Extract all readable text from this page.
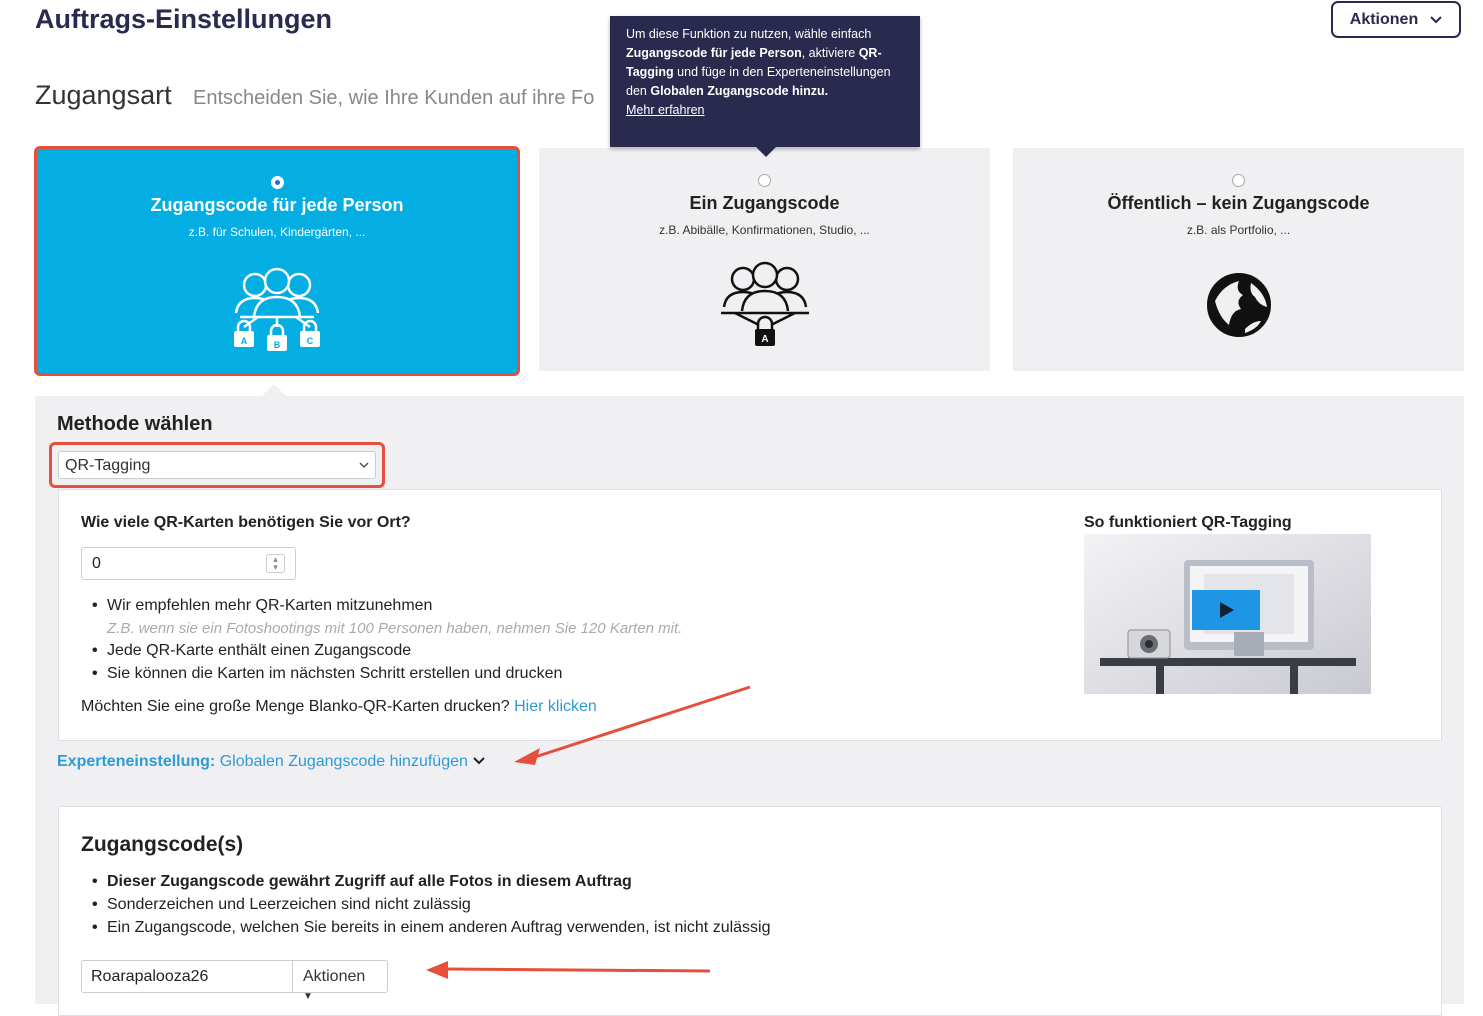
Auftrags-Einstellungen	Aktionen
Zugangsart Entscheiden Sie, wie Ihre Kunden auf ihre Fo
Zugangscode für jede Person
z.B. für Schulen, Kindergärten, ...
A	B	C
Ein Zugangscode
z.B. Abibälle, Konfirmationen, Studio, ...
A
Öffentlich – kein Zugangscode
z.B. als Portfolio, ...
Um diese Funktion zu nutzen, wähle einfach Zugangscode für jede Person, aktiviere QR-Tagging und füge in den Experteneinstellungen den Globalen Zugangscode hinzu.
Mehr erfahren
Methode wählen
QR-Tagging
Wie viele QR-Karten benötigen Sie vor Ort?
0	▴
▾
• Wir empfehlen mehr QR-Karten mitzunehmen
Z.B. wenn sie ein Fotoshootings mit 100 Personen haben, nehmen Sie 120 Karten mit.
• Jede QR-Karte enthält einen Zugangscode
• Sie können die Karten im nächsten Schritt erstellen und drucken
Möchten Sie eine große Menge Blanko-QR-Karten drucken? Hier klicken
So funktioniert QR-Tagging
Experteneinstellung: Globalen Zugangscode hinzufügen
Zugangscode(s)
• Dieser Zugangscode gewährt Zugriff auf alle Fotos in diesem Auftrag
• Sonderzeichen und Leerzeichen sind nicht zulässig
• Ein Zugangscode, welchen Sie bereits in einem anderen Auftrag verwenden, ist nicht zulässig
Roarapalooza26	Aktionen ▼
